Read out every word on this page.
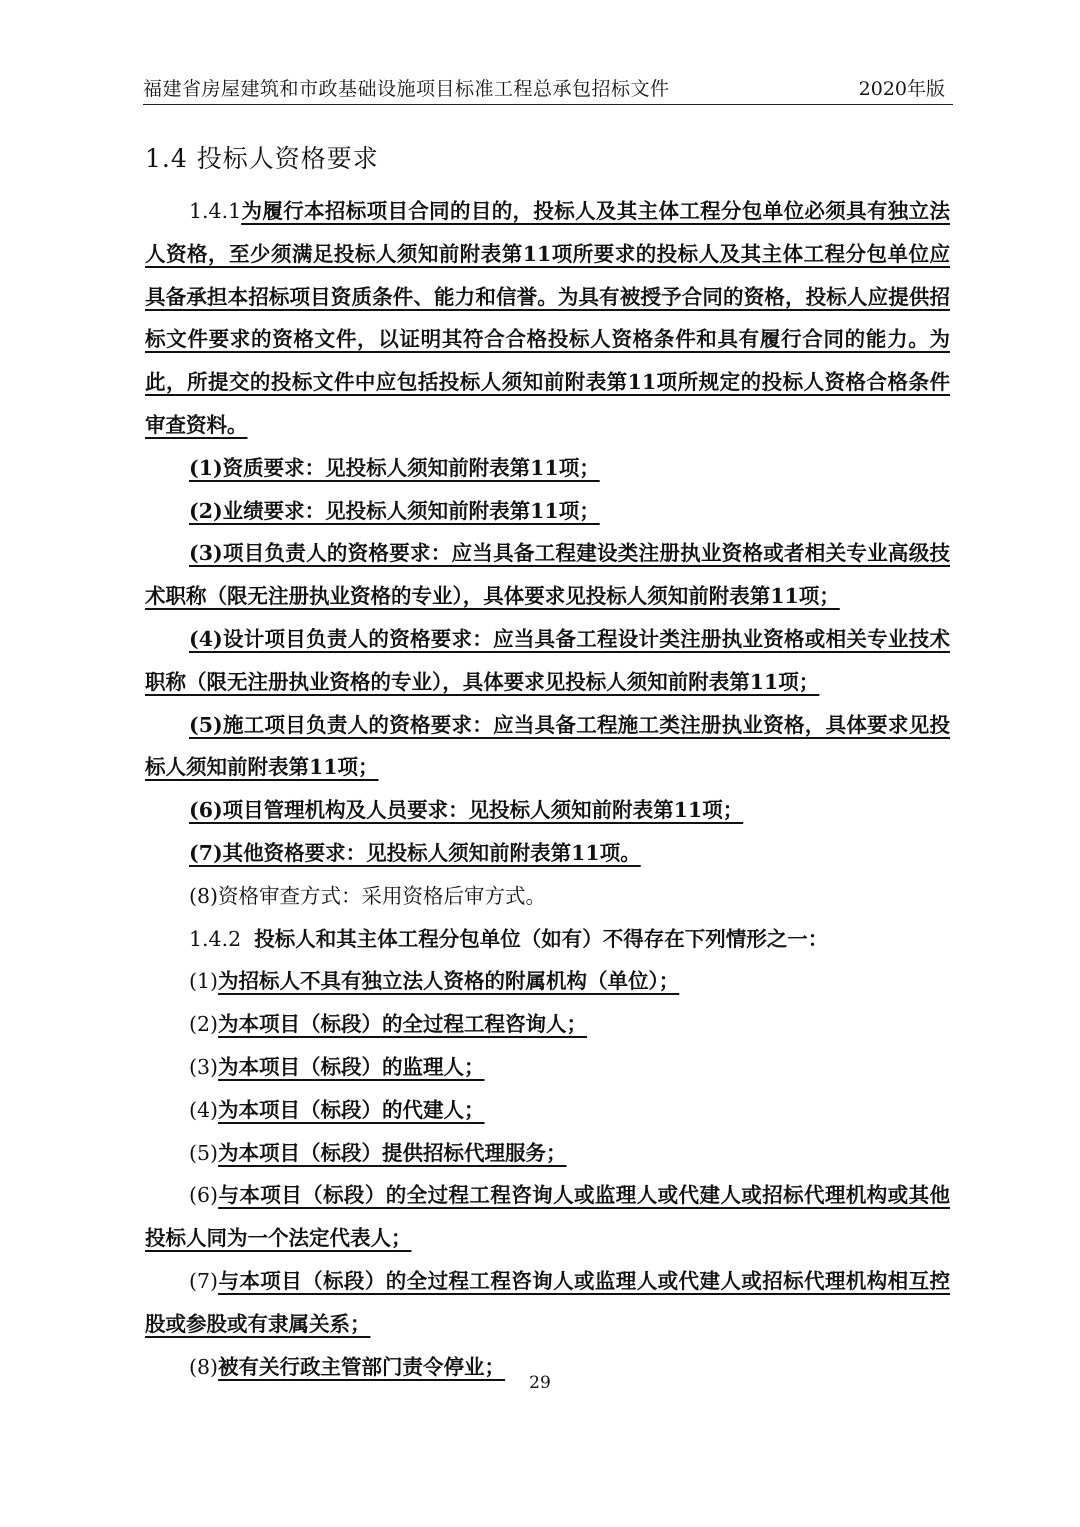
福建省房屋建筑和市政基础设施项目标准工程总承包招标文件	2020年版
1.4 投标人资格要求

1.4.1为履行本招标项目合同的目的，投标人及其主体工程分包单位必须具有独立法人资格，至少须满足投标人须知前附表第11项所要求的投标人及其主体工程分包单位应具备承担本招标项目资质条件、能力和信誉。为具有被授予合同的资格，投标人应提供招标文件要求的资格文件，以证明其符合合格投标人资格条件和具有履行合同的能力。为此，所提交的投标文件中应包括投标人须知前附表第11项所规定的投标人资格合格条件审查资料。

(1)资质要求：见投标人须知前附表第11项；

(2)业绩要求：见投标人须知前附表第11项；

(3)项目负责人的资格要求：应当具备工程建设类注册执业资格或者相关专业高级技术职称（限无注册执业资格的专业），具体要求见投标人须知前附表第11项；

(4)设计项目负责人的资格要求：应当具备工程设计类注册执业资格或相关专业技术职称（限无注册执业资格的专业），具体要求见投标人须知前附表第11项；

(5)施工项目负责人的资格要求：应当具备工程施工类注册执业资格，具体要求见投标人须知前附表第11项；

(6)项目管理机构及人员要求：见投标人须知前附表第11项；

(7)其他资格要求：见投标人须知前附表第11项。

(8)资格审查方式：采用资格后审方式。

1.4.2 投标人和其主体工程分包单位（如有）不得存在下列情形之一：

(1)为招标人不具有独立法人资格的附属机构（单位）；

(2)为本项目（标段）的全过程工程咨询人；

(3)为本项目（标段）的监理人；

(4)为本项目（标段）的代建人；

(5)为本项目（标段）提供招标代理服务；

(6)与本项目（标段）的全过程工程咨询人或监理人或代建人或招标代理机构或其他投标人同为一个法定代表人；

(7)与本项目（标段）的全过程工程咨询人或监理人或代建人或招标代理机构相互控股或参股或有隶属关系；

(8)被有关行政主管部门责令停业；

29
